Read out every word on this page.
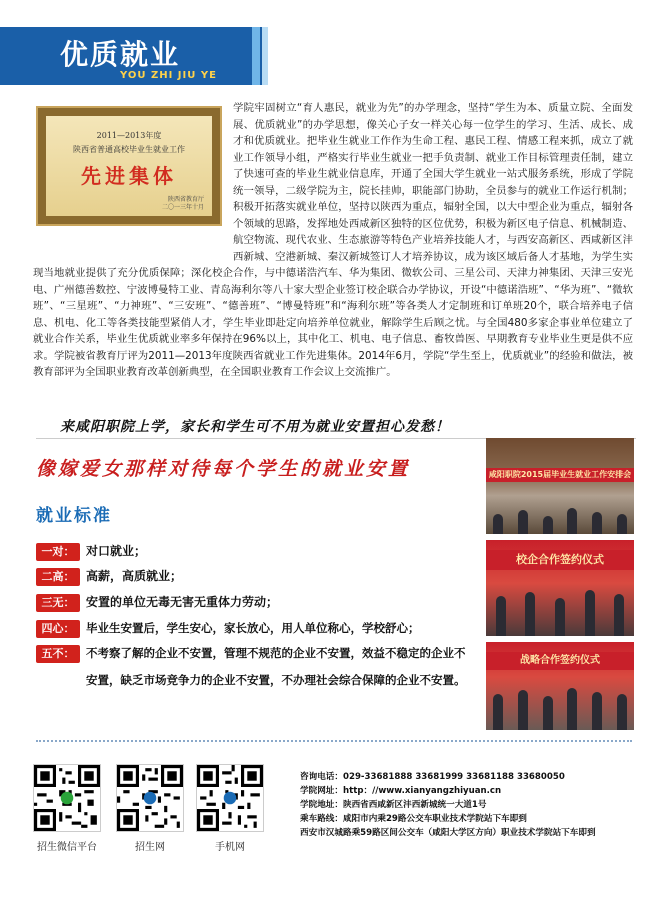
优质就业
YOU ZHI JIU YE

学院牢固树立“育人惠民，就业为先”的办学理念，坚持“学生为本、质量立院、全面发展、优质就业”的办学思想，像关心子女一样关心每一位学生的学习、生活、成长、成才和优质就业。把毕业生就业工作作为生命工程、惠民工程、情感工程来抓，成立了就业工作领导小组，严格实行毕业生就业一把手负责制、就业工作目标管理责任制，建立了快速可查的毕业生就业信息库，开通了全国大学生就业一站式服务系统，形成了学院统一领导，二级学院为主，院长挂帅，职能部门协助，全员参与的就业工作运行机制；积极开拓落实就业单位，坚持以陕西为重点，辐射全国，以大中型企业为重点，辐射各个领域的思路，发挥地处西咸新区独特的区位优势，积极为新区电子信息、机械制造、航空物流、现代农业、生态旅游等特色产业培养技能人才，与西安高新区、西咸新区沣西新城、空港新城、秦汉新城签订人才培养协议，成为该区域后备人才基地，为学生实现当地就业提供了充分优质保障；深化校企合作，与中德诺浩汽车、华为集团、微软公司、三星公司、天津力神集团、天津三安光电、广州德善数控、宁波博曼特工业、青岛海利尔等八十家大型企业签订校企联合办学协议，开设“中德诺浩班”、“华为班”、“微软班”、“三星班”、“力神班”、“三安班”、“德善班”、“博曼特班”和“海利尔班”等各类人才定制班和订单班20个，联合培养电子信息、机电、化工等各类技能型紧俏人才，学生毕业即赴定向培养单位就业，解除学生后顾之忧。与全国480多家企事业单位建立了就业合作关系，毕业生优质就业率多年保持在96%以上，其中化工、机电、电子信息、畜牧兽医、早期教育专业毕业生更是供不应求。学院被省教育厅评为2011—2013年度陕西省就业工作先进集体。2014年6月，学院“学生至上，优质就业”的经验和做法，被教育部评为全国职业教育改革创新典型，在全国职业教育工作会议上交流推广。

2011—2013年度
陕西省普通高校毕业生就业工作
先进集体
陕西省教育厅
二〇一三年十月
来咸阳职院上学，家长和学生可不用为就业安置担心发愁！
像嫁爱女那样对待每个学生的就业安置
就业标准
一对： 对口就业；
二高： 高薪，高质就业；
三无： 安置的单位无毒无害无重体力劳动；
四心：	毕业生安置后，学生安心，家长放心，用人单位称心，学校舒心；
五不：	不考察了解的企业不安置，管理不规范的企业不安置，效益不稳定的企业不安置，缺乏市场竞争力的企业不安置，不办理社会综合保障的企业不安置。
咸阳职院2015届毕业生就业工作安排会
校企合作签约仪式
战略合作签约仪式
招生微信平台	招生网	手机网
咨询电话：029-33681888 33681999 33681188 33680050
学院网址：http：//www.xianyangzhiyuan.cn
学院地址：陕西省西咸新区沣西新城统一大道1号
乘车路线：咸阳市内乘29路公交车职业技术学院站下车即到
西安市汉城路乘59路区间公交车（咸阳大学区方向）职业技术学院站下车即到
